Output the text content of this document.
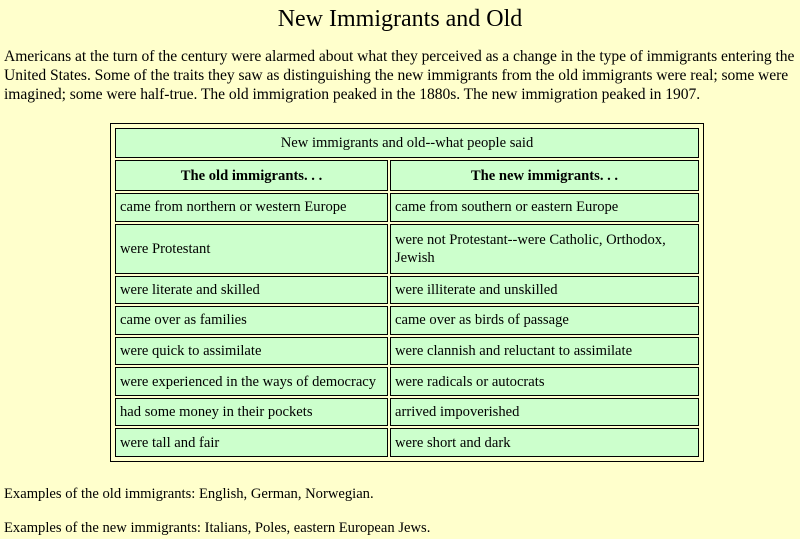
New Immigrants and Old

Americans at the turn of the century were alarmed about what they perceived as a change in the type of immigrants entering the United States. Some of the traits they saw as distinguishing the new immigrants from the old immigrants were real; some were imagined; some were half-true. The old immigration peaked in the 1880s. The new immigration peaked in 1907.

New immigrants and old--what people said	
The old immigrants. . .	The new immigrants. . .
came from northern or western Europe	came from southern or eastern Europe
were Protestant	were not Protestant--were Catholic, Orthodox, Jewish
were literate and skilled	were illiterate and unskilled
came over as families	came over as birds of passage
were quick to assimilate	were clannish and reluctant to assimilate
were experienced in the ways of democracy	were radicals or autocrats
had some money in their pockets	arrived impoverished
were tall and fair	were short and dark

Examples of the old immigrants: English, German, Norwegian.

Examples of the new immigrants: Italians, Poles, eastern European Jews.
